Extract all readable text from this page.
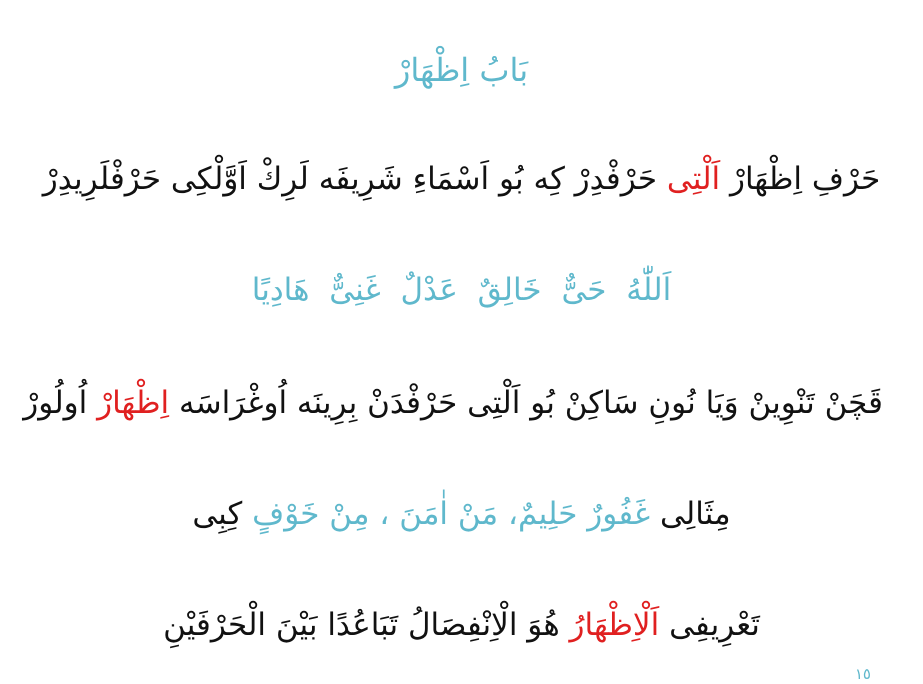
بَابُ اِظْهَارْ
حَرْفِ اِظْهَارْ اَلْتِى حَرْفْدِرْ كِه بُو اَسْمَاءِ شَرِيفَه لَرِكْ اَوَّلْكِى حَرْفْلَرِيدِرْ
اَللّٰهُ حَىٌّ خَالِقٌ عَدْلٌ غَنِىٌّ هَادِيًا
قَچَنْ تَنْوِينْ وَيَا نُونِ سَاكِنْ بُو اَلْتِى حَرْفْدَنْ بِرِينَه اُوغْرَاسَه اِظْهَارْ اُولُورْ
مِثَالِى غَفُورٌ حَلِيمٌ، مَنْ اٰمَنَ ، مِنْ خَوْفٍ كِبِى
تَعْرِيفِى اَلْاِظْهَارُ هُوَ الْاِنْفِصَالُ تَبَاعُدًا بَيْنَ الْحَرْفَيْنِ
١٥
